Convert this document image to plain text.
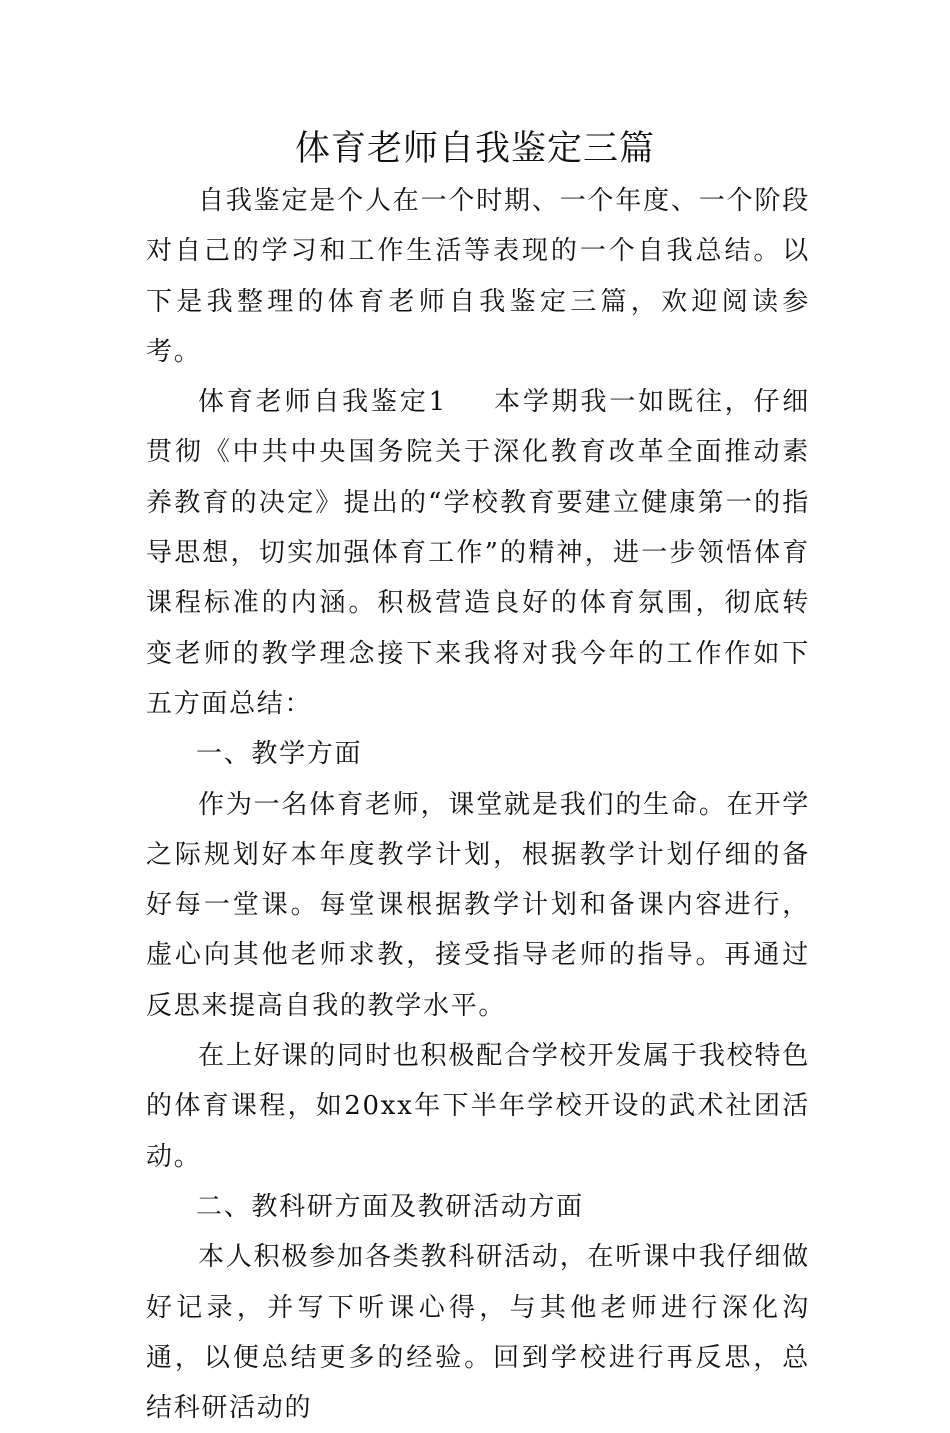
体育老师自我鉴定三篇

自我鉴定是个人在一个时期、一个年度、一个阶段对自己的学习和工作生活等表现的一个自我总结。以下是我整理的体育老师自我鉴定三篇，欢迎阅读参考。

体育老师自我鉴定1 本学期我一如既往，仔细贯彻《中共中央国务院关于深化教育改革全面推动素养教育的决定》提出的“学校教育要建立健康第一的指导思想，切实加强体育工作”的精神，进一步领悟体育课程标准的内涵。积极营造良好的体育氛围，彻底转变老师的教学理念接下来我将对我今年的工作作如下五方面总结：

一、教学方面

作为一名体育老师，课堂就是我们的生命。在开学之际规划好本年度教学计划，根据教学计划仔细的备好每一堂课。每堂课根据教学计划和备课内容进行，虚心向其他老师求教，接受指导老师的指导。再通过反思来提高自我的教学水平。

在上好课的同时也积极配合学校开发属于我校特色的体育课程，如20xx年下半年学校开设的武术社团活动。

二、教科研方面及教研活动方面

本人积极参加各类教科研活动，在听课中我仔细做好记录，并写下听课心得，与其他老师进行深化沟通，以便总结更多的经验。回到学校进行再反思，总结科研活动的
